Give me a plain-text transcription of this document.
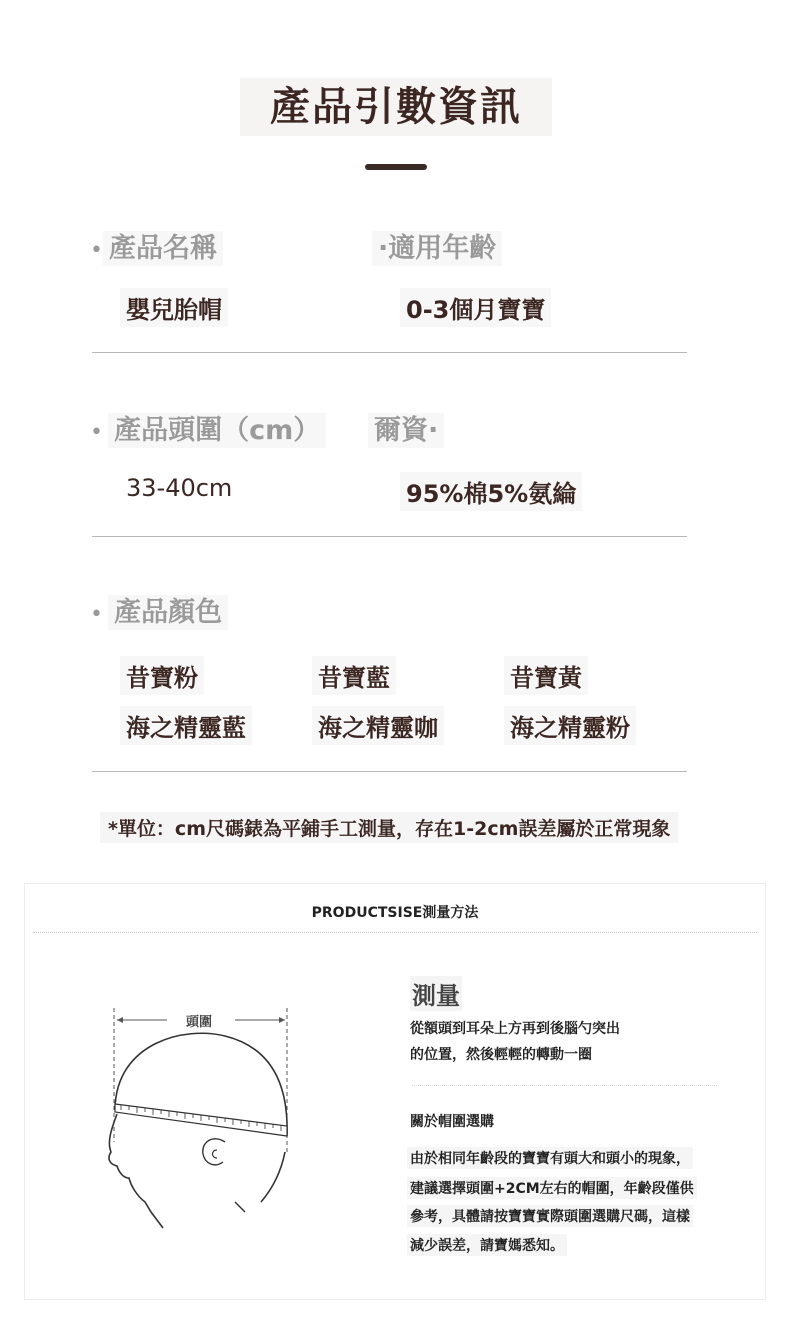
產品引數資訊
• 產品名稱	·適用年齡
嬰兒胎帽	0-3個月寶寶
• 產品頭圍（cm） 爾資·
33-40cm	95%棉5%氨綸
• 產品顏色
昔寶粉	昔寶藍	昔寶黃
海之精靈藍	海之精靈咖	海之精靈粉
*單位：cm尺碼錶為平鋪手工測量，存在1-2cm誤差屬於正常現象
PRODUCTSISE測量方法
頭圍
測量
從額頭到耳朵上方再到後腦勺突出
的位置，然後輕輕的轉動一圈
關於帽圍選購
由於相同年齡段的寶寶有頭大和頭小的現象，
建議選擇頭圍+2CM左右的帽圍，年齡段僅供
參考，具體請按寶寶實際頭圍選購尺碼，這樣
減少誤差，請寶媽悉知。
